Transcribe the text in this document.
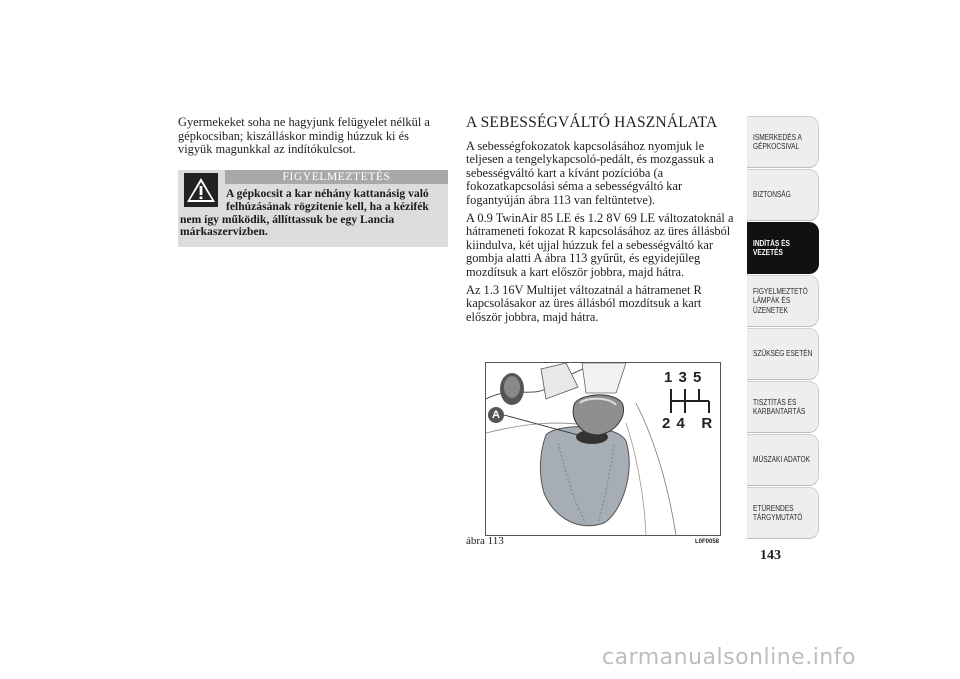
Gyermekeket soha ne hagyjunk felügyelet nélkül a gépkocsiban; kiszálláskor mindig húzzuk ki és vigyük magunkkal az indítókulcsot.
FIGYELMEZTETÉS
A gépkocsit a kar néhány kattanásig való
felhúzásának rögzítenie kell, ha a kézifék
nem így működik, állíttassuk be egy Lancia márkaszervizben.
A SEBESSÉGVÁLTÓ HASZNÁLATA

A sebességfokozatok kapcsolásához nyomjuk le teljesen a tengelykapcsoló-pedált, és mozgassuk a sebességváltó kart a kívánt pozícióba (a fokozatkapcsolási séma a sebességváltó kar fogantyúján ábra 113 van feltüntetve).

A 0.9 TwinAir 85 LE és 1.2 8V 69 LE változatoknál a hátrameneti fokozat R kapcsolásához az üres állásból kiindulva, két ujjal húzzuk fel a sebességváltó kar gombja alatti A ábra 113 gyűrűt, és egyidejűleg mozdítsuk a kart először jobbra, majd hátra.

Az 1.3 16V Multijet változatnál a hátramenet R kapcsolásakor az üres állásból mozdítsuk a kart először jobbra, majd hátra.

A
1 3 5
2 4   R
ábra 113	L0F0058
ISMERKEDÉS A GÉPKOCSIVAL
BIZTONSÁG
INDÍTÁS ÉS VEZETÉS
FIGYELMEZTETŐ LÁMPÁK ÉS ÜZENETEK
SZÜKSÉG ESETÉN
TISZTÍTÁS ÉS KARBANTARTÁS
MŰSZAKI ADATOK
ETŰRENDES TÁRGYMUTATÓ
143
carmanualsonline.info
